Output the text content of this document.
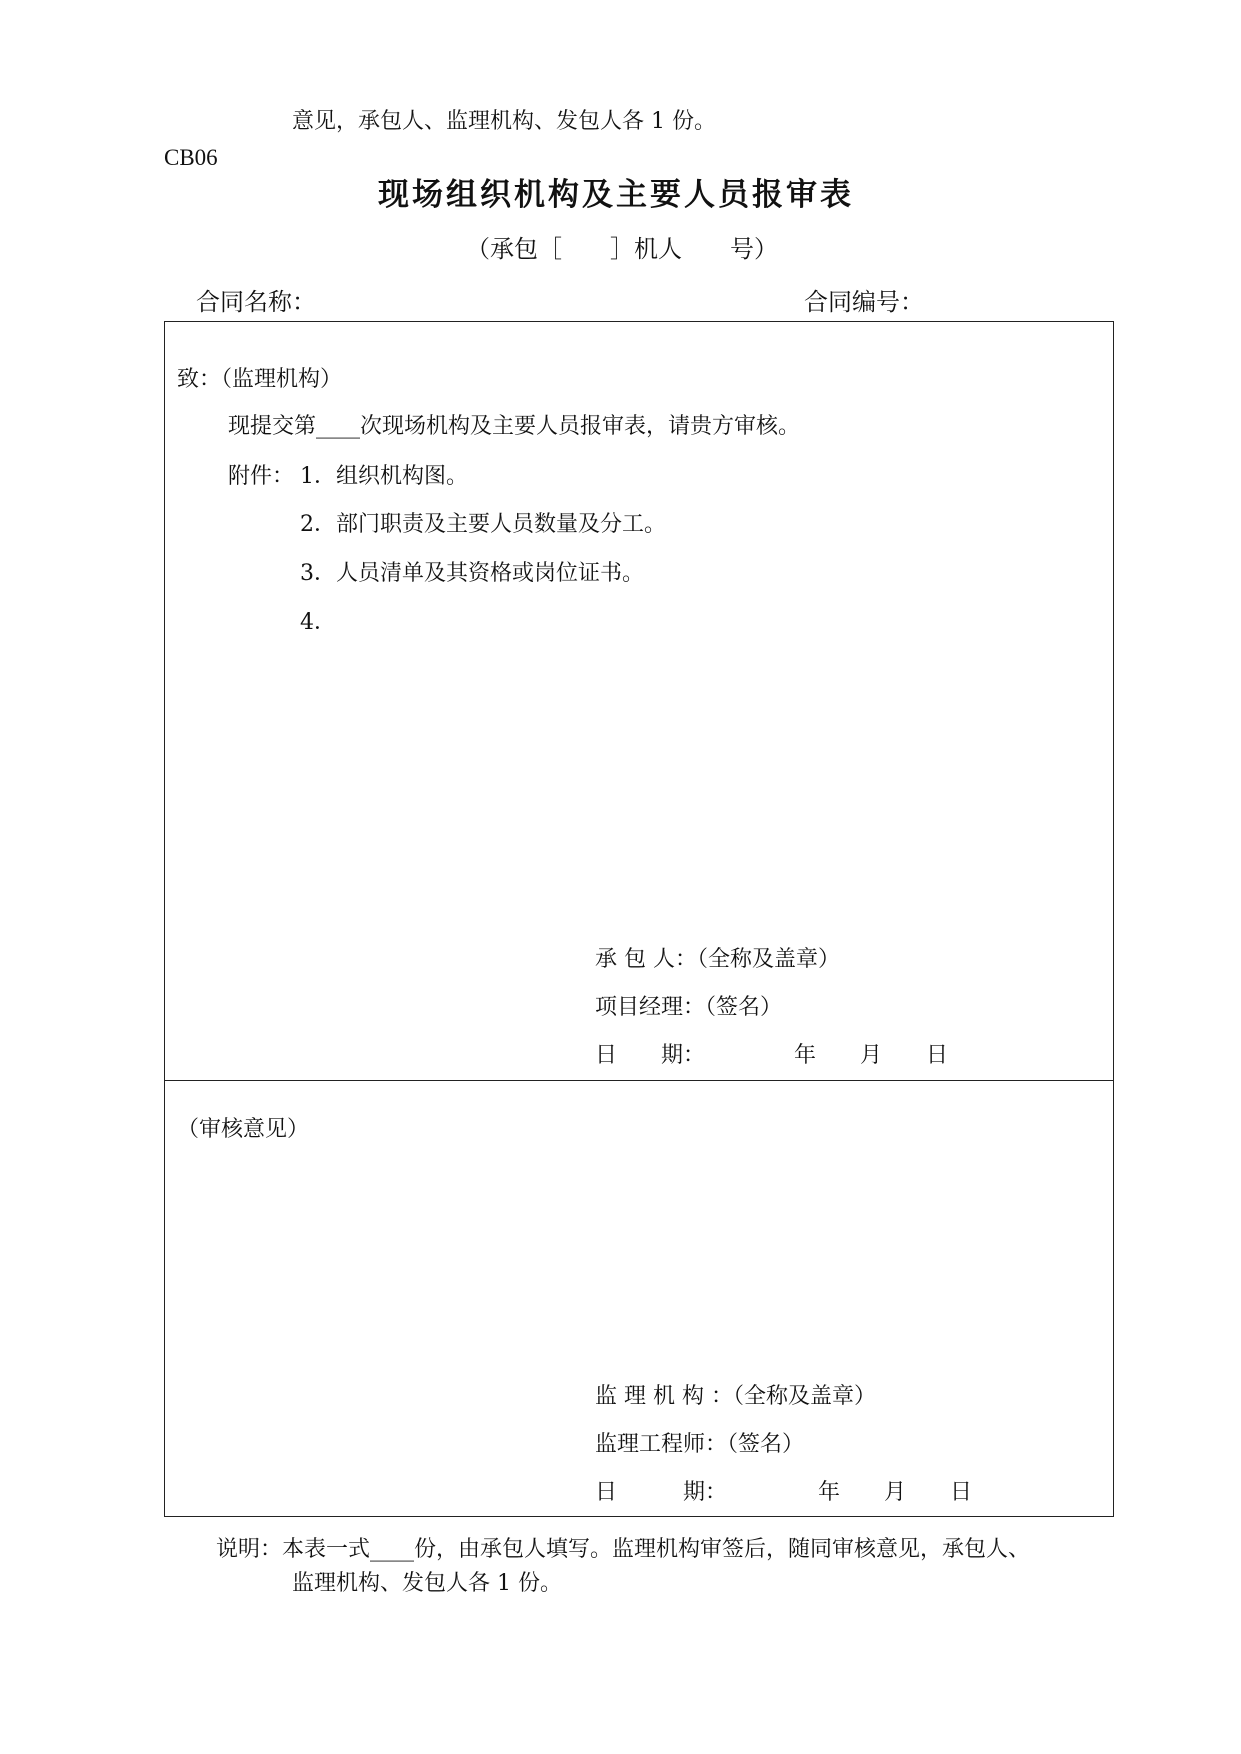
意见，承包人、监理机构、发包人各 1 份。
CB06
现场组织机构及主要人员报审表
（承包［　　］机人　　号）
合同名称：	合同编号：
致：（监理机构）
现提交第____次现场机构及主要人员报审表，请贵方审核。
附件： 1．组织机构图。
2．部门职责及主要人员数量及分工。
3．人员清单及其资格或岗位证书。
4．
承 包 人：（全称及盖章）
项目经理：（签名）
日　　期：	年　　月　　日
（审核意见）
监 理 机 构 ：（全称及盖章）
监理工程师：（签名）
日　　　期：	年　　月　　日
说明：本表一式____份，由承包人填写。监理机构审签后，随同审核意见，承包人、
监理机构、发包人各 1 份。
